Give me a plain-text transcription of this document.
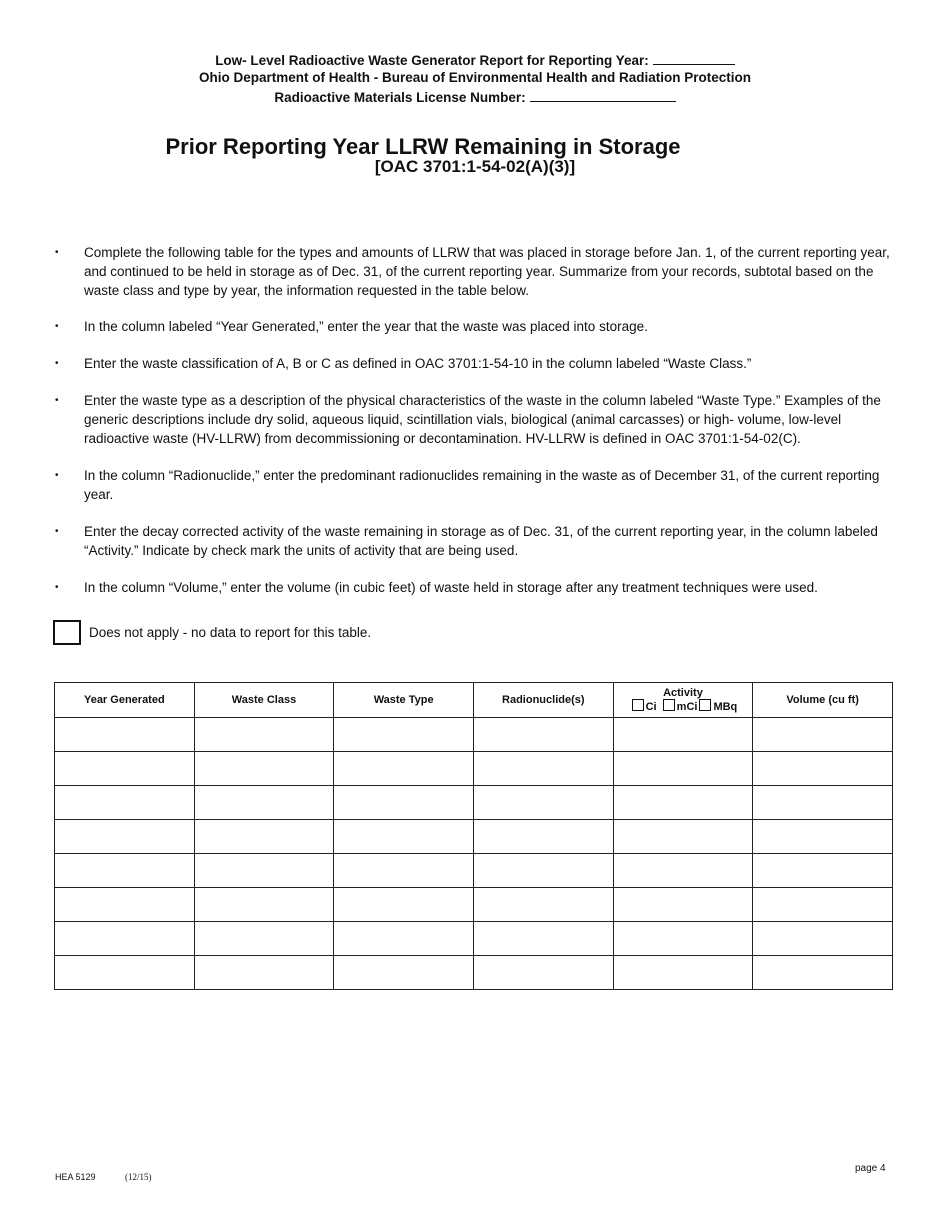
Low- Level Radioactive Waste Generator Report for Reporting Year:
Ohio Department of Health - Bureau of Environmental Health and Radiation Protection
Radioactive Materials License Number:
Prior Reporting Year LLRW Remaining in Storage
[OAC 3701:1-54-02(A)(3)]
• Complete the following table for the types and amounts of LLRW that was placed in storage before Jan. 1, of the current reporting year, and continued to be held in storage as of Dec. 31, of the current reporting year. Summarize from your records, subtotal based on the waste class and type by year, the information requested in the table below.
• In the column labeled “Year Generated,” enter the year that the waste was placed into storage.
• Enter the waste classification of A, B or C as defined in OAC 3701:1-54-10 in the column labeled “Waste Class.”
• Enter the waste type as a description of the physical characteristics of the waste in the column labeled “Waste Type.” Examples of the generic descriptions include dry solid, aqueous liquid, scintillation vials, biological (animal carcasses) or high- volume, low-level radioactive waste (HV-LLRW) from decommissioning or decontamination. HV-LLRW is defined in OAC 3701:1-54-02(C).
• In the column “Radionuclide,” enter the predominant radionuclides remaining in the waste as of December 31, of the current reporting year.
• Enter the decay corrected activity of the waste remaining in storage as of Dec. 31, of the current reporting year, in the column labeled “Activity.” Indicate by check mark the units of activity that are being used.
• In the column “Volume,” enter the volume (in cubic feet) of waste held in storage after any treatment techniques were used.
Does not apply - no data to report for this table.
Year Generated	Waste Class	Waste Type	Radionuclide(s)	Activity
Ci mCi MBq	Volume (cu ft)

HEA 5129	(12/15)
page 4
